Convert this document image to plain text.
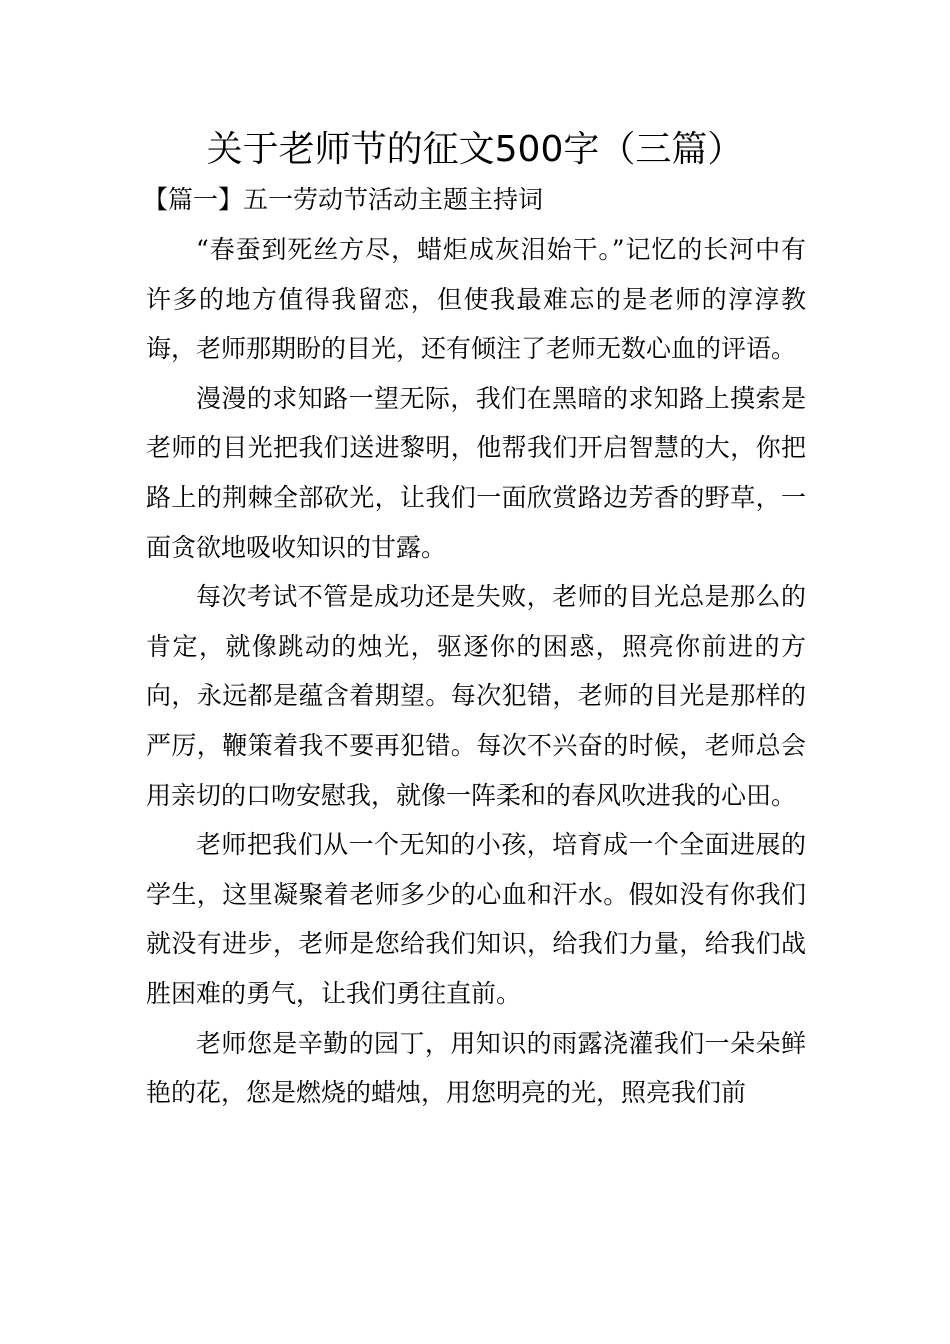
关于老师节的征文500字（三篇）
【篇一】五一劳动节活动主题主持词

“春蚕到死丝方尽，蜡炬成灰泪始干。”记忆的长河中有许多的地方值得我留恋，但使我最难忘的是老师的淳淳教诲，老师那期盼的目光，还有倾注了老师无数心血的评语。

漫漫的求知路一望无际，我们在黑暗的求知路上摸索是老师的目光把我们送进黎明，他帮我们开启智慧的大，你把路上的荆棘全部砍光，让我们一面欣赏路边芳香的野草，一面贪欲地吸收知识的甘露。

每次考试不管是成功还是失败，老师的目光总是那么的肯定，就像跳动的烛光，驱逐你的困惑，照亮你前进的方向，永远都是蕴含着期望。每次犯错，老师的目光是那样的严厉，鞭策着我不要再犯错。每次不兴奋的时候，老师总会用亲切的口吻安慰我，就像一阵柔和的春风吹进我的心田。

老师把我们从一个无知的小孩，培育成一个全面进展的学生，这里凝聚着老师多少的心血和汗水。假如没有你我们就没有进步，老师是您给我们知识，给我们力量，给我们战胜困难的勇气，让我们勇往直前。

老师您是辛勤的园丁，用知识的雨露浇灌我们一朵朵鲜艳的花，您是燃烧的蜡烛，用您明亮的光，照亮我们前
